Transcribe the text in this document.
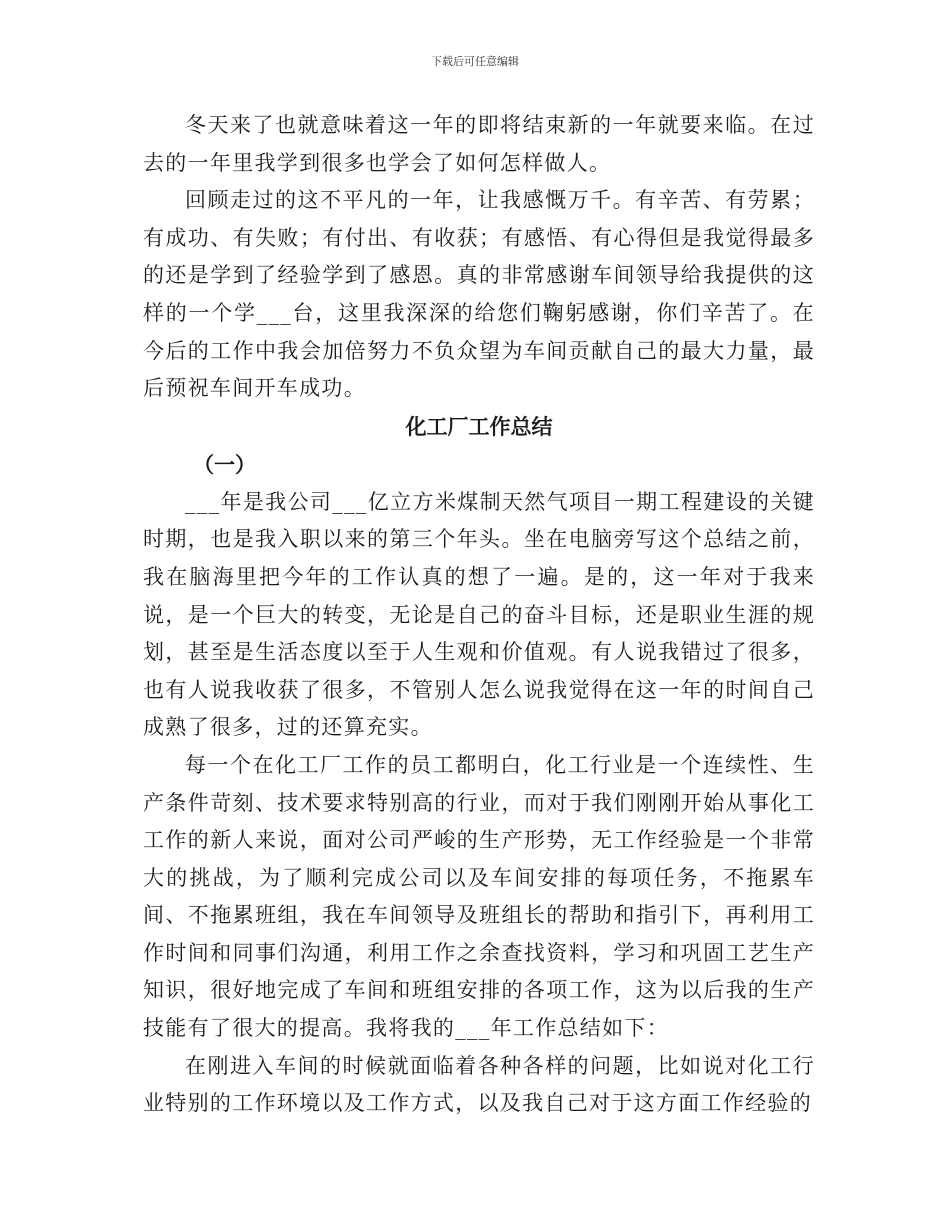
下载后可任意编辑

冬天来了也就意味着这一年的即将结束新的一年就要来临。在过去的一年里我学到很多也学会了如何怎样做人。

回顾走过的这不平凡的一年，让我感慨万千。有辛苦、有劳累；有成功、有失败；有付出、有收获；有感悟、有心得但是我觉得最多的还是学到了经验学到了感恩。真的非常感谢车间领导给我提供的这样的一个学___台，这里我深深的给您们鞠躬感谢，你们辛苦了。在今后的工作中我会加倍努力不负众望为车间贡献自己的最大力量，最后预祝车间开车成功。

化工厂工作总结

（一）

___年是我公司___亿立方米煤制天然气项目一期工程建设的关键时期，也是我入职以来的第三个年头。坐在电脑旁写这个总结之前，我在脑海里把今年的工作认真的想了一遍。是的，这一年对于我来说，是一个巨大的转变，无论是自己的奋斗目标，还是职业生涯的规划，甚至是生活态度以至于人生观和价值观。有人说我错过了很多，也有人说我收获了很多，不管别人怎么说我觉得在这一年的时间自己成熟了很多，过的还算充实。

每一个在化工厂工作的员工都明白，化工行业是一个连续性、生产条件苛刻、技术要求特别高的行业，而对于我们刚刚开始从事化工工作的新人来说，面对公司严峻的生产形势，无工作经验是一个非常大的挑战，为了顺利完成公司以及车间安排的每项任务，不拖累车间、不拖累班组，我在车间领导及班组长的帮助和指引下，再利用工作时间和同事们沟通，利用工作之余查找资料，学习和巩固工艺生产知识，很好地完成了车间和班组安排的各项工作，这为以后我的生产技能有了很大的提高。我将我的___年工作总结如下：

在刚进入车间的时候就面临着各种各样的问题，比如说对化工行业特别的工作环境以及工作方式，以及我自己对于这方面工作经验的
